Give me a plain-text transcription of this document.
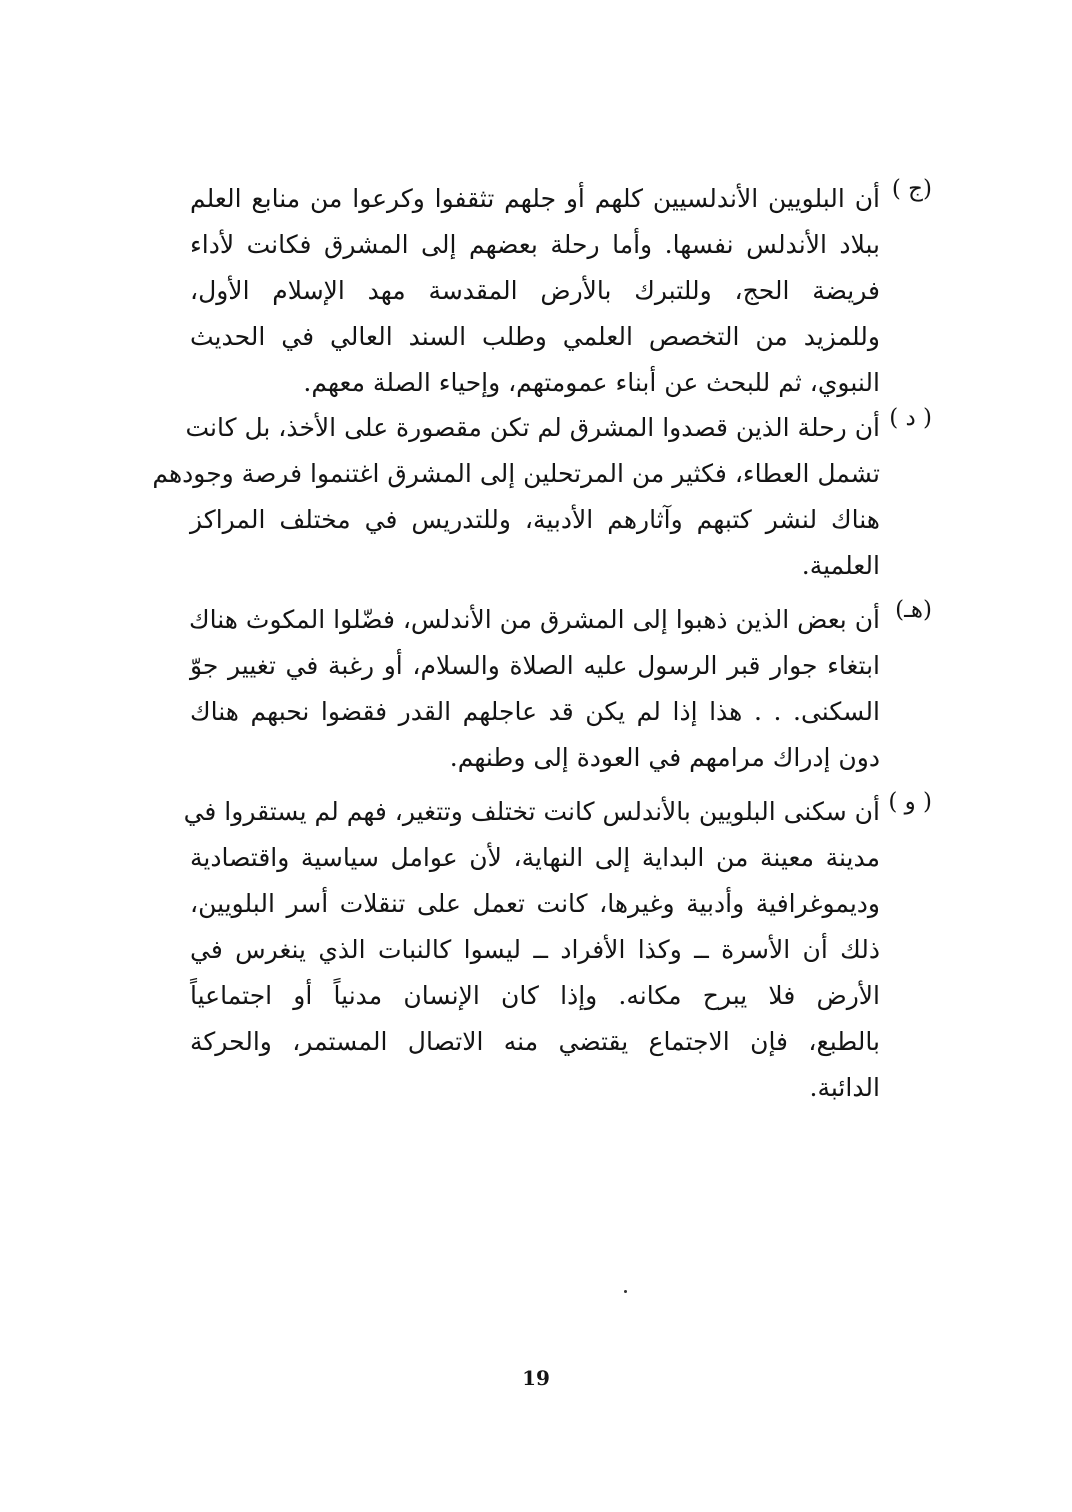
(ج )
أن البلويين الأندلسيين كلهم أو جلهم تثقفوا وكرعوا من منابع العلم
ببلاد الأندلس نفسها. وأما رحلة بعضهم إلى المشرق فكانت لأداء
فريضة الحج، وللتبرك بالأرض المقدسة مهد الإسلام الأول،
وللمزيد من التخصص العلمي وطلب السند العالي في الحديث
النبوي، ثم للبحث عن أبناء عمومتهم، وإحياء الصلة معهم.
( د )
أن رحلة الذين قصدوا المشرق لم تكن مقصورة على الأخذ، بل كانت
تشمل العطاء، فكثير من المرتحلين إلى المشرق اغتنموا فرصة وجودهم
هناك لنشر كتبهم وآثارهم الأدبية، وللتدريس في مختلف المراكز
العلمية.
(هـ)
أن بعض الذين ذهبوا إلى المشرق من الأندلس، فضّلوا المكوث هناك
ابتغاء جوار قبر الرسول عليه الصلاة والسلام، أو رغبة في تغيير جوّ
السكنى. . . هذا إذا لم يكن قد عاجلهم القدر فقضوا نحبهم هناك
دون إدراك مرامهم في العودة إلى وطنهم.
( و )
أن سكنى البلويين بالأندلس كانت تختلف وتتغير، فهم لم يستقروا في
مدينة معينة من البداية إلى النهاية، لأن عوامل سياسية واقتصادية
وديموغرافية وأدبية وغيرها، كانت تعمل على تنقلات أسر البلويين،
ذلك أن الأسرة ــ وكذا الأفراد ــ ليسوا كالنبات الذي ينغرس في
الأرض فلا يبرح مكانه. وإذا كان الإنسان مدنياً أو اجتماعياً
بالطبع، فإن الاجتماع يقتضي منه الاتصال المستمر، والحركة
الدائبة.
19
